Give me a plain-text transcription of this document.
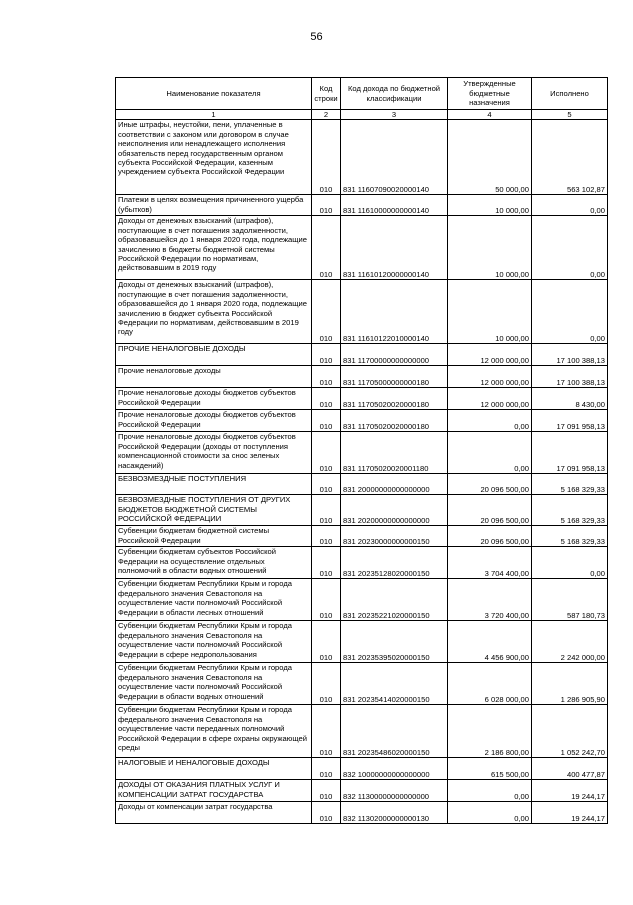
56
Наименование показателя	Код строки	Код дохода по бюджетной классификации	Утвержденные бюджетные назначения	Исполнено
1	2	3	4	5
Иные штрафы, неустойки, пени, уплаченные в соответствии с законом или договором в случае неисполнения или ненадлежащего исполнения обязательств перед государственным органом субъекта Российской Федерации, казенным учреждением субъекта Российской Федерации	010	831 11607090020000140	50 000,00	563 102,87
Платежи в целях возмещения причиненного ущерба (убытков)	010	831 11610000000000140	10 000,00	0,00
Доходы от денежных взысканий (штрафов), поступающие в счет погашения задолженности, образовавшейся до 1 января 2020 года, подлежащие зачислению в бюджеты бюджетной системы Российской Федерации по нормативам, действовавшим в 2019 году	010	831 11610120000000140	10 000,00	0,00
Доходы от денежных взысканий (штрафов), поступающие в счет погашения задолженности, образовавшейся до 1 января 2020 года, подлежащие зачислению в бюджет субъекта Российской Федерации по нормативам, действовавшим в 2019 году	010	831 11610122010000140	10 000,00	0,00
ПРОЧИЕ НЕНАЛОГОВЫЕ ДОХОДЫ	010	831 11700000000000000	12 000 000,00	17 100 388,13
Прочие неналоговые доходы	010	831 11705000000000180	12 000 000,00	17 100 388,13
Прочие неналоговые доходы бюджетов субъектов Российской Федерации	010	831 11705020020000180	12 000 000,00	8 430,00
Прочие неналоговые доходы бюджетов субъектов Российской Федерации	010	831 11705020020000180	0,00	17 091 958,13
Прочие неналоговые доходы бюджетов субъектов Российской Федерации (доходы от поступления компенсационной стоимости за снос зеленых насаждений)	010	831 11705020020001180	0,00	17 091 958,13
БЕЗВОЗМЕЗДНЫЕ ПОСТУПЛЕНИЯ	010	831 20000000000000000	20 096 500,00	5 168 329,33
БЕЗВОЗМЕЗДНЫЕ ПОСТУПЛЕНИЯ ОТ ДРУГИХ БЮДЖЕТОВ БЮДЖЕТНОЙ СИСТЕМЫ РОССИЙСКОЙ ФЕДЕРАЦИИ	010	831 20200000000000000	20 096 500,00	5 168 329,33
Субвенции бюджетам бюджетной системы Российской Федерации	010	831 20230000000000150	20 096 500,00	5 168 329,33
Субвенции бюджетам субъектов Российской Федерации на осуществление отдельных полномочий в области водных отношений	010	831 20235128020000150	3 704 400,00	0,00
Субвенции бюджетам Республики Крым и города федерального значения Севастополя на осуществление части полномочий Российской Федерации в области лесных отношений	010	831 20235221020000150	3 720 400,00	587 180,73
Субвенции бюджетам Республики Крым и города федерального значения Севастополя на осуществление части полномочий Российской Федерации в сфере недропользования	010	831 20235395020000150	4 456 900,00	2 242 000,00
Субвенции бюджетам Республики Крым и города федерального значения Севастополя на осуществление части полномочий Российской Федерации в области водных отношений	010	831 20235414020000150	6 028 000,00	1 286 905,90
Субвенции бюджетам Республики Крым и города федерального значения Севастополя на осуществление части переданных полномочий Российской Федерации в сфере охраны окружающей среды	010	831 20235486020000150	2 186 800,00	1 052 242,70
НАЛОГОВЫЕ И НЕНАЛОГОВЫЕ ДОХОДЫ	010	832 10000000000000000	615 500,00	400 477,87
ДОХОДЫ ОТ ОКАЗАНИЯ ПЛАТНЫХ УСЛУГ И КОМПЕНСАЦИИ ЗАТРАТ ГОСУДАРСТВА	010	832 11300000000000000	0,00	19 244,17
Доходы от компенсации затрат государства	010	832 11302000000000130	0,00	19 244,17
